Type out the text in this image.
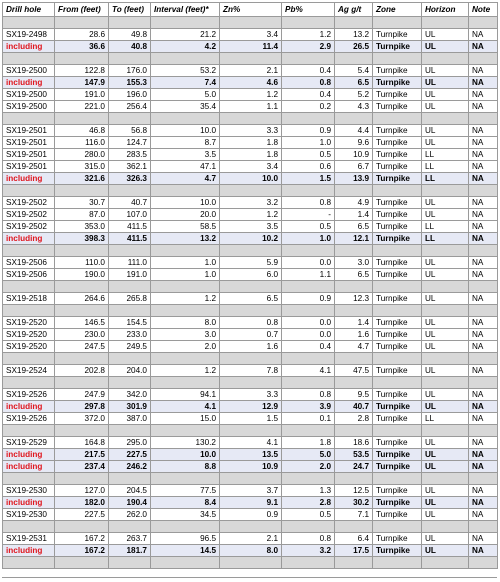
Drill hole	From (feet)	To (feet)	Interval (feet)*	Zn%	Pb%	Ag g/t	Zone	Horizon	Note

SX19-2498	28.6	49.8	21.2	3.4	1.2	13.2	Turnpike	UL	NA
including	36.6	40.8	4.2	11.4	2.9	26.5	Turnpike	UL	NA

SX19-2500	122.8	176.0	53.2	2.1	0.4	5.4	Turnpike	UL	NA
including	147.9	155.3	7.4	4.6	0.8	6.5	Turnpike	UL	NA
SX19-2500	191.0	196.0	5.0	1.2	0.4	5.2	Turnpike	UL	NA
SX19-2500	221.0	256.4	35.4	1.1	0.2	4.3	Turnpike	UL	NA

SX19-2501	46.8	56.8	10.0	3.3	0.9	4.4	Turnpike	UL	NA
SX19-2501	116.0	124.7	8.7	1.8	1.0	9.6	Turnpike	UL	NA
SX19-2501	280.0	283.5	3.5	1.8	0.5	10.9	Turnpike	LL	NA
SX19-2501	315.0	362.1	47.1	3.4	0.6	6.7	Turnpike	LL	NA
including	321.6	326.3	4.7	10.0	1.5	13.9	Turnpike	LL	NA

SX19-2502	30.7	40.7	10.0	3.2	0.8	4.9	Turnpike	UL	NA
SX19-2502	87.0	107.0	20.0	1.2	-	1.4	Turnpike	UL	NA
SX19-2502	353.0	411.5	58.5	3.5	0.5	6.5	Turnpike	LL	NA
including	398.3	411.5	13.2	10.2	1.0	12.1	Turnpike	LL	NA

SX19-2506	110.0	111.0	1.0	5.9	0.0	3.0	Turnpike	UL	NA
SX19-2506	190.0	191.0	1.0	6.0	1.1	6.5	Turnpike	UL	NA

SX19-2518	264.6	265.8	1.2	6.5	0.9	12.3	Turnpike	UL	NA

SX19-2520	146.5	154.5	8.0	0.8	0.0	1.4	Turnpike	UL	NA
SX19-2520	230.0	233.0	3.0	0.7	0.0	1.6	Turnpike	UL	NA
SX19-2520	247.5	249.5	2.0	1.6	0.4	4.7	Turnpike	UL	NA

SX19-2524	202.8	204.0	1.2	7.8	4.1	47.5	Turnpike	UL	NA

SX19-2526	247.9	342.0	94.1	3.3	0.8	9.5	Turnpike	UL	NA
including	297.8	301.9	4.1	12.9	3.9	40.7	Turnpike	UL	NA
SX19-2526	372.0	387.0	15.0	1.5	0.1	2.8	Turnpike	LL	NA

SX19-2529	164.8	295.0	130.2	4.1	1.8	18.6	Turnpike	UL	NA
including	217.5	227.5	10.0	13.5	5.0	53.5	Turnpike	UL	NA
including	237.4	246.2	8.8	10.9	2.0	24.7	Turnpike	UL	NA

SX19-2530	127.0	204.5	77.5	3.7	1.3	12.5	Turnpike	UL	NA
including	182.0	190.4	8.4	9.1	2.8	30.2	Turnpike	UL	NA
SX19-2530	227.5	262.0	34.5	0.9	0.5	7.1	Turnpike	UL	NA

SX19-2531	167.2	263.7	96.5	2.1	0.8	6.4	Turnpike	UL	NA
including	167.2	181.7	14.5	8.0	3.2	17.5	Turnpike	UL	NA
